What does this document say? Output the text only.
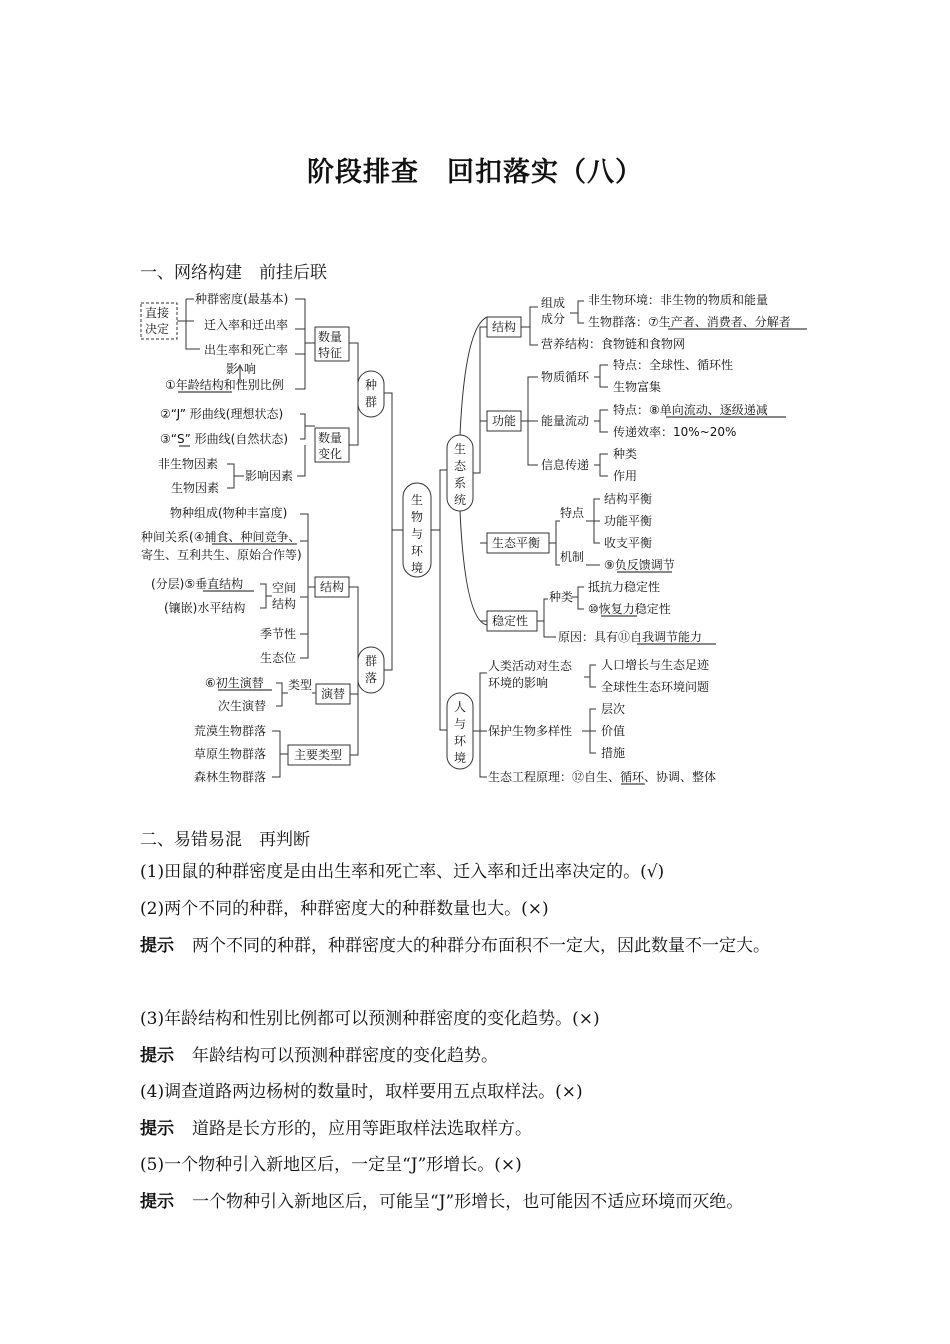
阶段排查　回扣落实（八）
一、网络构建　前挂后联
直接
决定
种群密度(最基本)
迁入率和迁出率
出生率和死亡率
影 响
①年龄结构和性别比例
数量
特征
②“J” 形曲线(理想状态)
③“S” 形曲线(自然状态) 数量
变化
非生物因素
生物因素
影响因素
种
群
物种组成(物种丰富度)
种间关系(④捕食、种间竞争、
寄生、互利共生、原始合作等)
(分层)⑤垂直结构
(镶嵌)水平结构
空间
结构
季节性
生态位
结构
⑥初生演替
次生演替
类型
演替
荒漠生物群落
草原生物群落
森林生物群落
主要类型
群
落
生
物
与
环
境
生
态
系
统
人
与
环
境
结构
组成
成分
非生物环境：非生物的物质和能量
生物群落：⑦生产者、消费者、分解者
营养结构：食物链和食物网
功能
物质循环
特点：全球性、循环性
生物富集
能量流动
特点：⑧单向流动、逐级递减
传递效率：10%~20%
信息传递
种类
作用
生态平衡
特点
结构平衡
功能平衡
收支平衡
机制
⑨负反馈调节
稳定性
种类
抵抗力稳定性
⑩恢复力稳定性
原因：具有⑪自我调节能力
人类活动对生态
环境的影响
人口增长与生态足迹
全球性生态环境问题
保护生物多样性
层次
价值
措施
生态工程原理：⑫自生、循环、协调、整体
二、易错易混　再判断
(1)田鼠的种群密度是由出生率和死亡率、迁入率和迁出率决定的。(√)
(2)两个不同的种群，种群密度大的种群数量也大。(×)
提示 两个不同的种群，种群密度大的种群分布面积不一定大，因此数量不一定大。
(3)年龄结构和性别比例都可以预测种群密度的变化趋势。(×)
提示 年龄结构可以预测种群密度的变化趋势。
(4)调查道路两边杨树的数量时，取样要用五点取样法。(×)
提示 道路是长方形的，应用等距取样法选取样方。
(5)一个物种引入新地区后，一定呈“J”形增长。(×)
提示 一个物种引入新地区后，可能呈“J”形增长，也可能因不适应环境而灭绝。
